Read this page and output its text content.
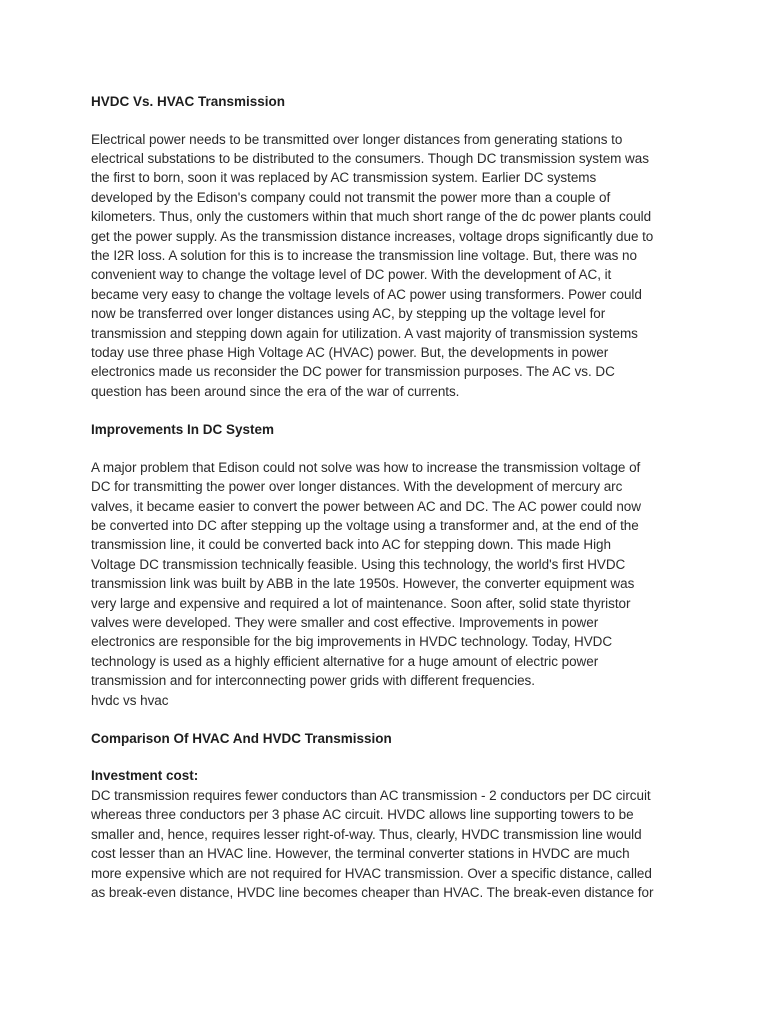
HVDC Vs. HVAC Transmission

Electrical power needs to be transmitted over longer distances from generating stations to
electrical substations to be distributed to the consumers. Though DC transmission system was
the first to born, soon it was replaced by AC transmission system. Earlier DC systems
developed by the Edison's company could not transmit the power more than a couple of
kilometers. Thus, only the customers within that much short range of the dc power plants could
get the power supply. As the transmission distance increases, voltage drops significantly due to
the I2R loss. A solution for this is to increase the transmission line voltage. But, there was no
convenient way to change the voltage level of DC power. With the development of AC, it
became very easy to change the voltage levels of AC power using transformers. Power could
now be transferred over longer distances using AC, by stepping up the voltage level for
transmission and stepping down again for utilization. A vast majority of transmission systems
today use three phase High Voltage AC (HVAC) power. But, the developments in power
electronics made us reconsider the DC power for transmission purposes. The AC vs. DC
question has been around since the era of the war of currents.

Improvements In DC System

A major problem that Edison could not solve was how to increase the transmission voltage of
DC for transmitting the power over longer distances. With the development of mercury arc
valves, it became easier to convert the power between AC and DC. The AC power could now
be converted into DC after stepping up the voltage using a transformer and, at the end of the
transmission line, it could be converted back into AC for stepping down. This made High
Voltage DC transmission technically feasible. Using this technology, the world's first HVDC
transmission link was built by ABB in the late 1950s. However, the converter equipment was
very large and expensive and required a lot of maintenance. Soon after, solid state thyristor
valves were developed. They were smaller and cost effective. Improvements in power
electronics are responsible for the big improvements in HVDC technology. Today, HVDC
technology is used as a highly efficient alternative for a huge amount of electric power
transmission and for interconnecting power grids with different frequencies.
hvdc vs hvac

Comparison Of HVAC And HVDC Transmission
Investment cost:

DC transmission requires fewer conductors than AC transmission - 2 conductors per DC circuit
whereas three conductors per 3 phase AC circuit. HVDC allows line supporting towers to be
smaller and, hence, requires lesser right-of-way. Thus, clearly, HVDC transmission line would
cost lesser than an HVAC line. However, the terminal converter stations in HVDC are much
more expensive which are not required for HVAC transmission. Over a specific distance, called
as break-even distance, HVDC line becomes cheaper than HVAC. The break-even distance for
